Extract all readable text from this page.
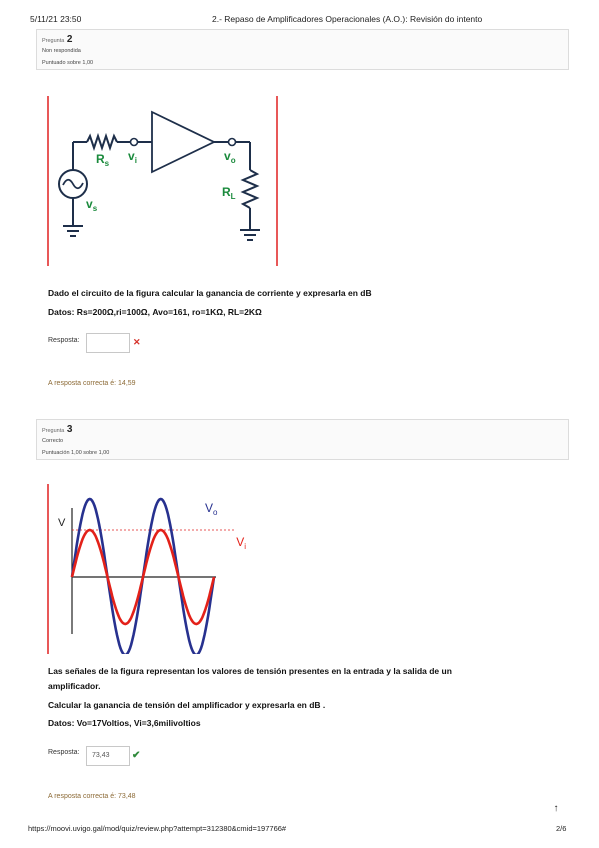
5/11/21 23:50	2.- Repaso de Amplificadores Operacionales (A.O.): Revisión do intento
Pregunta 2
Non respondida
Puntuado sobre 1,00
$R_s$
$v_i$	$v_o$
$R_L$
$v_s$
Dado el circuito de la figura calcular la ganancia de corriente y expresarla en dB
Datos: Rs=200Ω,ri=100Ω, Avo=161, ro=1KΩ, RL=2KΩ
Resposta:	✕
A resposta correcta é: 14,59
Pregunta 3
Correcto
Puntuación 1,00 sobre 1,00
V
$V_o$
$V_i$
Las señales de la figura representan los valores de tensión presentes en la entrada y la salida de un
amplificador.
Calcular la ganancia de tensión del amplificador y expresarla en dB .
Datos: Vo=17Voltios, Vi=3,6milivoltios
Resposta:	73,43	✔
A resposta correcta é: 73,48
↑
https://moovi.uvigo.gal/mod/quiz/review.php?attempt=312380&cmid=197766#	2/6
